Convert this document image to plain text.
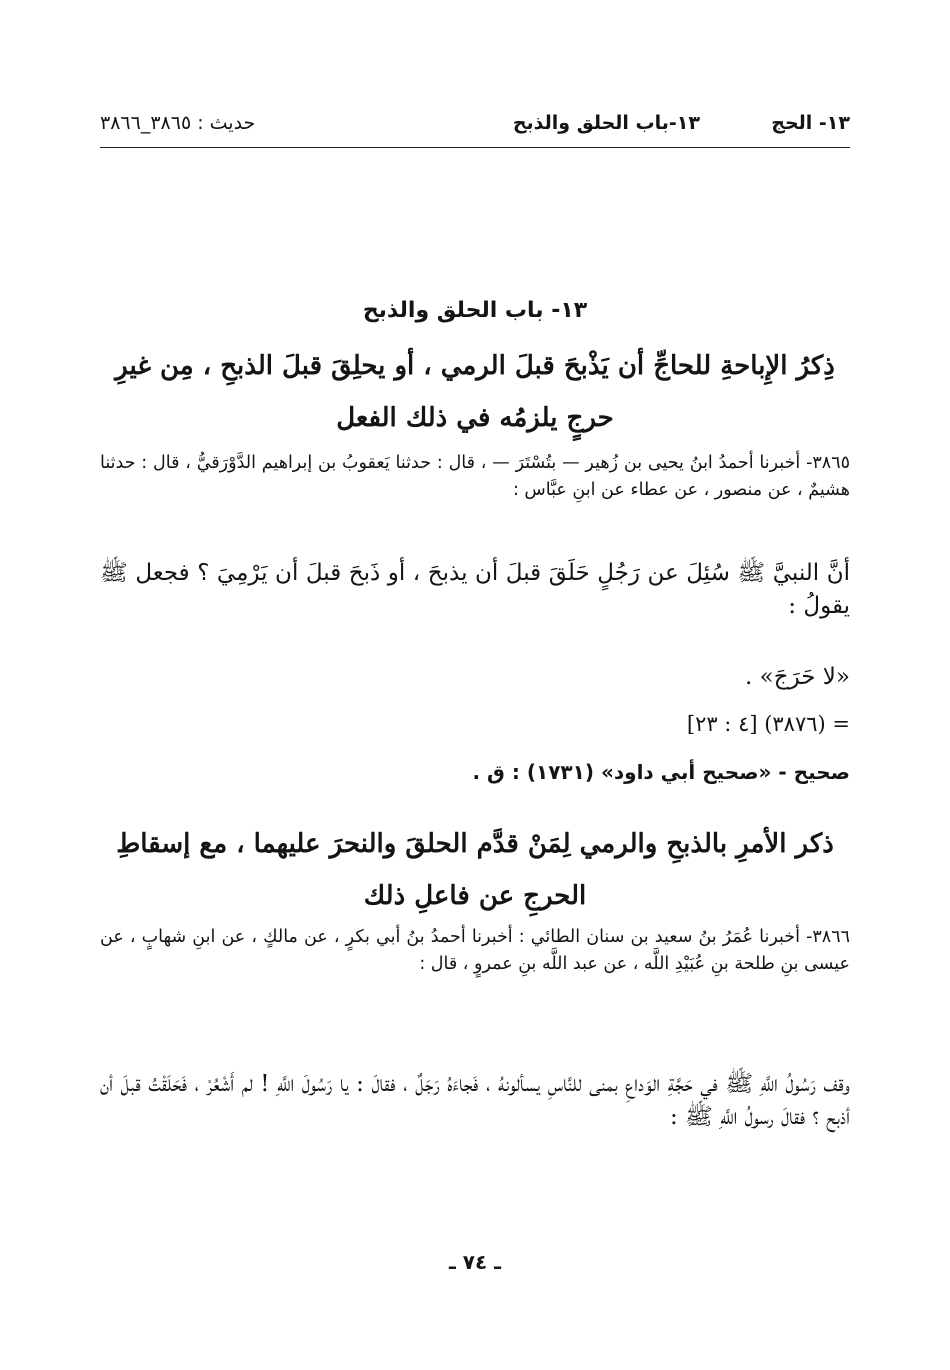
١٣- الحج
١٣-باب الحلق والذبح
حديث : ٣٨٦٥_٣٨٦٦
١٣- باب الحلق والذبح
ذِكرُ الإِباحةِ للحاجِّ أن يَذْبحَ قبلَ الرمي ، أو يحلِقَ قبلَ الذبحِ ، مِن غيرِ حرجٍ يلزمُه في ذلك الفعل
٣٨٦٥- أخبرنا أحمدُ ابنُ يحيى بن زُهير — بتُسْتَرَ — ، قال : حدثنا يَعقوبُ بن إبراهيم الدَّوْرَقيُّ ، قال : حدثنا هشيمٌ ، عن منصور ، عن عطاء عن ابنِ عبَّاس :
أنَّ النبيَّ ﷺ سُئِلَ عن رَجُلٍ حَلَقَ قبلَ أن يذبحَ ، أو ذَبحَ قبلَ أن يَرْمِيَ ؟ فجعل ﷺ يقولُ :
«لا حَرَجَ» .
= (٣٨٧٦) [٤ : ٢٣]
صحيح - «صحيح أبي داود» (١٧٣١) : ق .
ذكر الأمرِ بالذبحِ والرمي لِمَنْ قدَّم الحلقَ والنحرَ عليهما ، مع إسقاطِ الحرجِ عن فاعلِ ذلك
٣٨٦٦- أخبرنا عُمَرُ بنُ سعيد بن سنان الطائي : أخبرنا أحمدُ بنُ أبي بكرٍ ، عن مالكٍ ، عن ابنِ شهابٍ ، عن عيسى بنِ طلحة بنِ عُبَيْدِ اللَّه ، عن عبد اللَّه بنِ عمروٍ ، قال :
وقف رَسُولُ اللَّهِ ﷺ في حَجَّةِ الوَداعِ بمنى للنَّاسِ يسألونهُ ، فَجاءَهُ رَجَلٌ ، فقالَ : يا رَسُولَ اللَّهِ ! لم أَشْعُرْ ، فَحَلَقْتُ قبلَ أن أذبح ؟ فقالَ رسولُ اللَّهِ ﷺ :
ـ ٧٤ ـ
